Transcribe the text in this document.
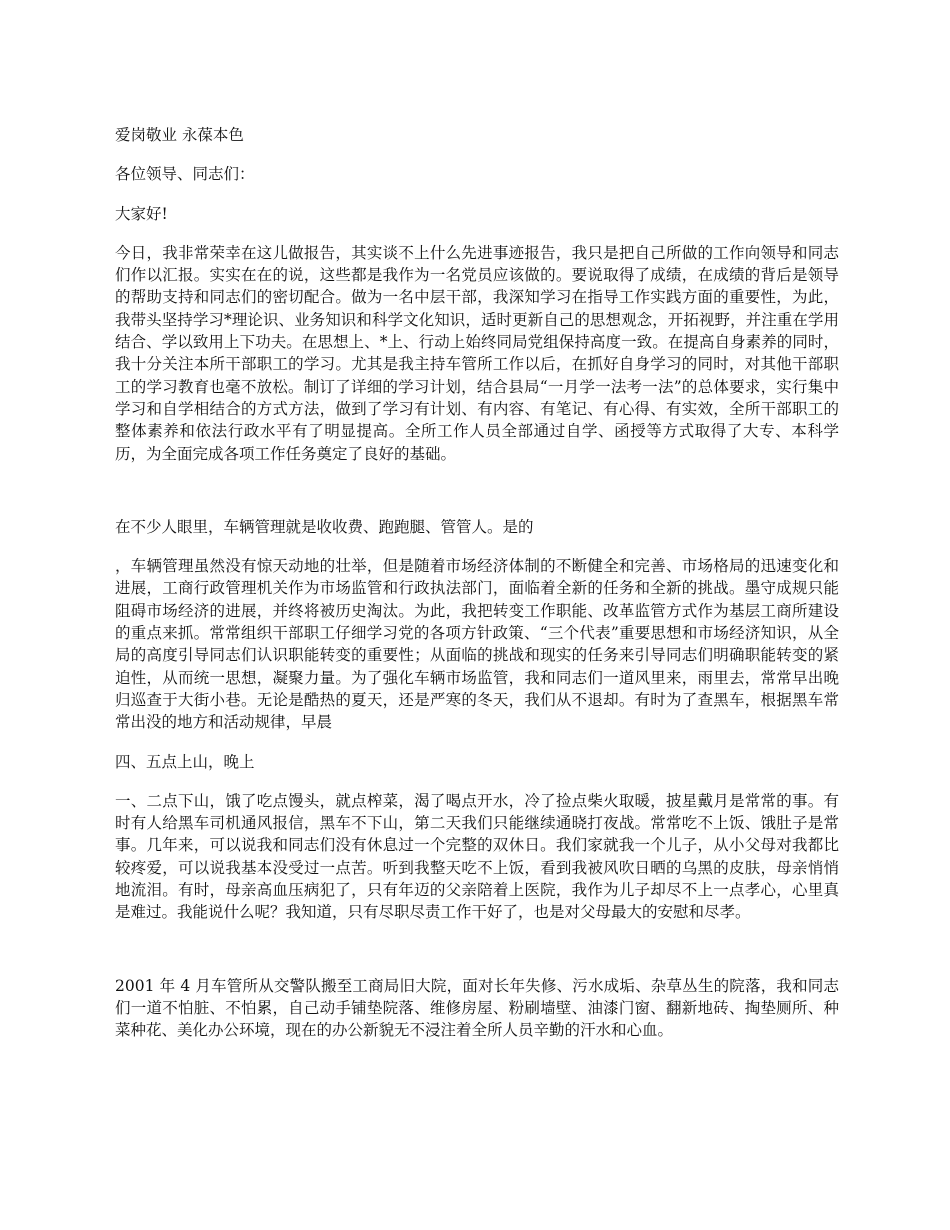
爱岗敬业 永葆本色

各位领导、同志们：

大家好!

今日，我非常荣幸在这儿做报告，其实谈不上什么先进事迹报告，我只是把自己所做的工作向领导和同志们作以汇报。实实在在的说，这些都是我作为一名党员应该做的。要说取得了成绩，在成绩的背后是领导的帮助支持和同志们的密切配合。做为一名中层干部，我深知学习在指导工作实践方面的重要性，为此，我带头坚持学习*理论识、业务知识和科学文化知识，适时更新自己的思想观念，开拓视野，并注重在学用结合、学以致用上下功夫。在思想上、*上、行动上始终同局党组保持高度一致。在提高自身素养的同时，我十分关注本所干部职工的学习。尤其是我主持车管所工作以后，在抓好自身学习的同时，对其他干部职工的学习教育也毫不放松。制订了详细的学习计划，结合县局“一月学一法考一法”的总体要求，实行集中学习和自学相结合的方式方法，做到了学习有计划、有内容、有笔记、有心得、有实效，全所干部职工的整体素养和依法行政水平有了明显提高。全所工作人员全部通过自学、函授等方式取得了大专、本科学历，为全面完成各项工作任务奠定了良好的基础。

在不少人眼里，车辆管理就是收收费、跑跑腿、管管人。是的

，车辆管理虽然没有惊天动地的壮举，但是随着市场经济体制的不断健全和完善、市场格局的迅速变化和进展，工商行政管理机关作为市场监管和行政执法部门，面临着全新的任务和全新的挑战。墨守成规只能阻碍市场经济的进展，并终将被历史淘汰。为此，我把转变工作职能、改革监管方式作为基层工商所建设的重点来抓。常常组织干部职工仔细学习党的各项方针政策、“三个代表”重要思想和市场经济知识，从全局的高度引导同志们认识职能转变的重要性；从面临的挑战和现实的任务来引导同志们明确职能转变的紧迫性，从而统一思想，凝聚力量。为了强化车辆市场监管，我和同志们一道风里来，雨里去，常常早出晚归巡查于大街小巷。无论是酷热的夏天，还是严寒的冬天，我们从不退却。有时为了查黑车，根据黑车常常出没的地方和活动规律，早晨

四、五点上山，晚上

一、二点下山，饿了吃点馒头，就点榨菜，渴了喝点开水，冷了捡点柴火取暖，披星戴月是常常的事。有时有人给黑车司机通风报信，黑车不下山，第二天我们只能继续通晓打夜战。常常吃不上饭、饿肚子是常事。几年来，可以说我和同志们没有休息过一个完整的双休日。我们家就我一个儿子，从小父母对我都比较疼爱，可以说我基本没受过一点苦。听到我整天吃不上饭，看到我被风吹日晒的乌黑的皮肤，母亲悄悄地流泪。有时，母亲高血压病犯了，只有年迈的父亲陪着上医院，我作为儿子却尽不上一点孝心，心里真是难过。我能说什么呢？我知道，只有尽职尽责工作干好了，也是对父母最大的安慰和尽孝。

2001 年 4 月车管所从交警队搬至工商局旧大院，面对长年失修、污水成垢、杂草丛生的院落，我和同志们一道不怕脏、不怕累，自己动手铺垫院落、维修房屋、粉刷墙壁、油漆门窗、翻新地砖、掏垫厕所、种菜种花、美化办公环境，现在的办公新貌无不浸注着全所人员辛勤的汗水和心血。
